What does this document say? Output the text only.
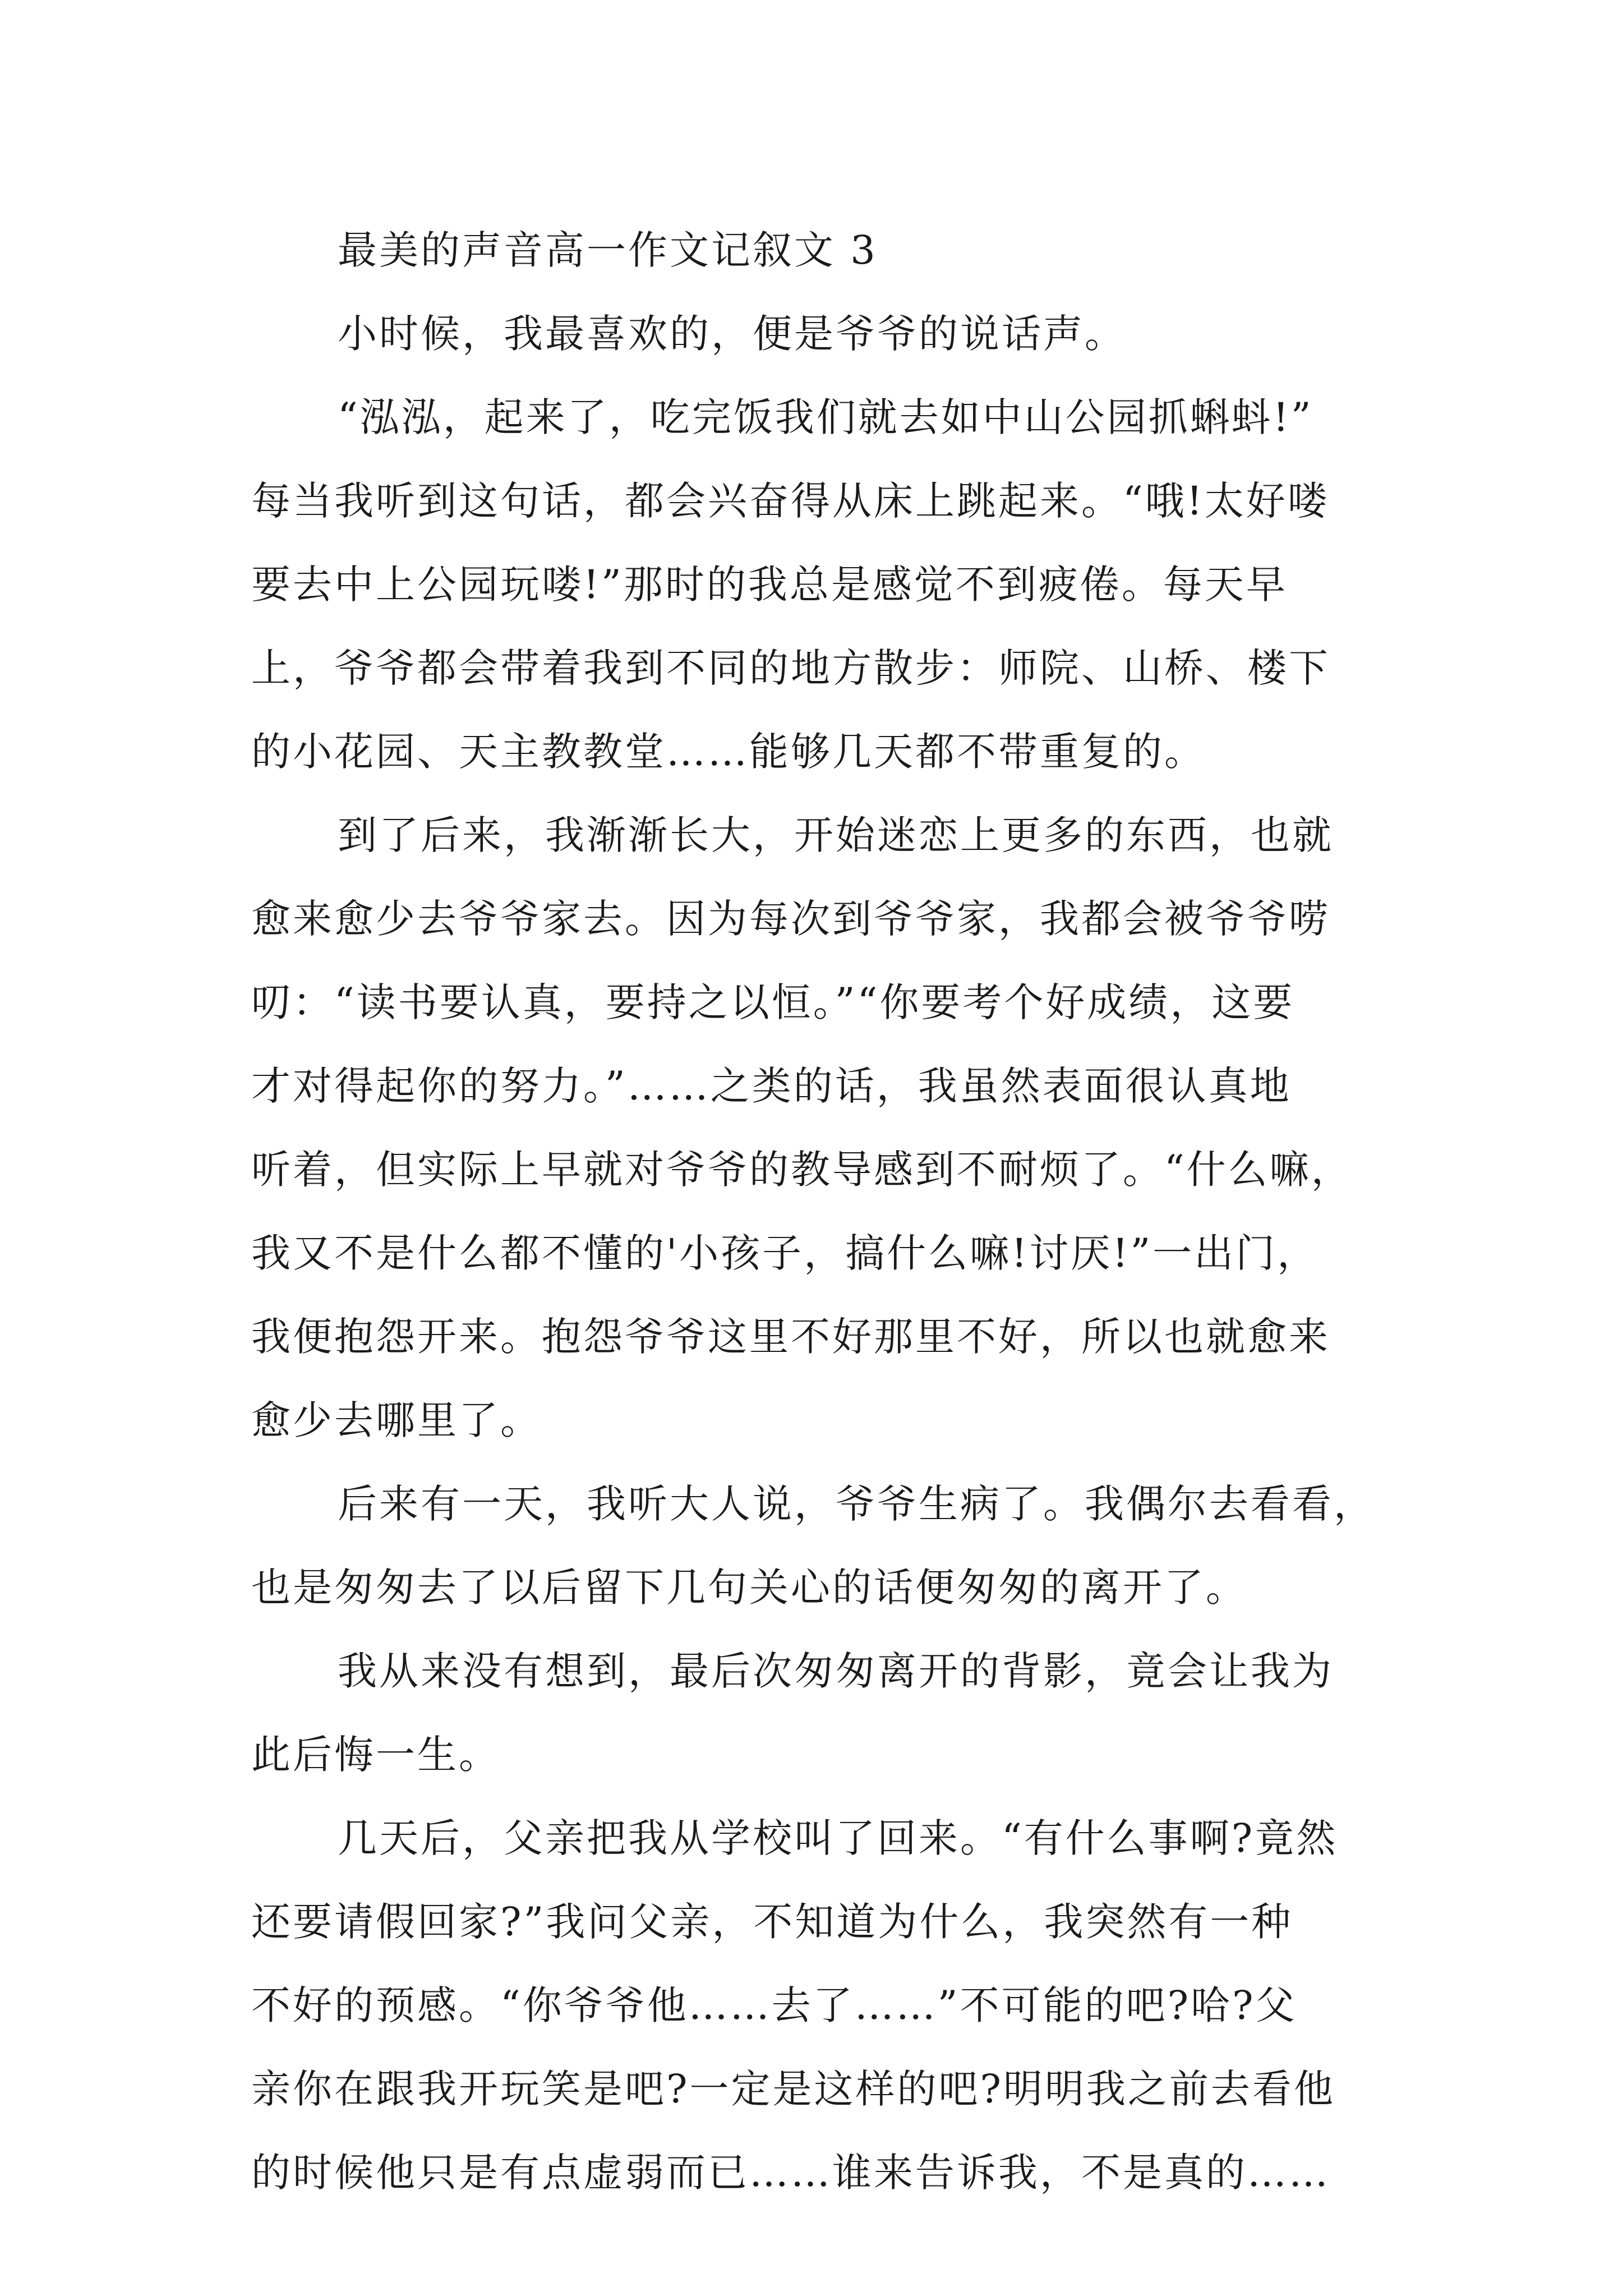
最美的声音高一作文记叙文 3
小时候，我最喜欢的，便是爷爷的说话声。
“泓泓，起来了，吃完饭我们就去如中山公园抓蝌蚪!”
每当我听到这句话，都会兴奋得从床上跳起来。“哦!太好喽
要去中上公园玩喽!”那时的我总是感觉不到疲倦。每天早
上，爷爷都会带着我到不同的地方散步：师院、山桥、楼下
的小花园、天主教教堂……能够几天都不带重复的。
到了后来，我渐渐长大，开始迷恋上更多的东西，也就
愈来愈少去爷爷家去。因为每次到爷爷家，我都会被爷爷唠
叨：“读书要认真，要持之以恒。”“你要考个好成绩，这要
才对得起你的努力。”……之类的话，我虽然表面很认真地
听着，但实际上早就对爷爷的教导感到不耐烦了。“什么嘛，
我又不是什么都不懂的'小孩子，搞什么嘛!讨厌!”一出门，
我便抱怨开来。抱怨爷爷这里不好那里不好，所以也就愈来
愈少去哪里了。
后来有一天，我听大人说，爷爷生病了。我偶尔去看看，
也是匆匆去了以后留下几句关心的话便匆匆的离开了。
我从来没有想到，最后次匆匆离开的背影，竟会让我为
此后悔一生。
几天后，父亲把我从学校叫了回来。“有什么事啊?竟然
还要请假回家?”我问父亲，不知道为什么，我突然有一种
不好的预感。“你爷爷他……去了……”不可能的吧?哈?父
亲你在跟我开玩笑是吧?一定是这样的吧?明明我之前去看他
的时候他只是有点虚弱而已……谁来告诉我，不是真的……
